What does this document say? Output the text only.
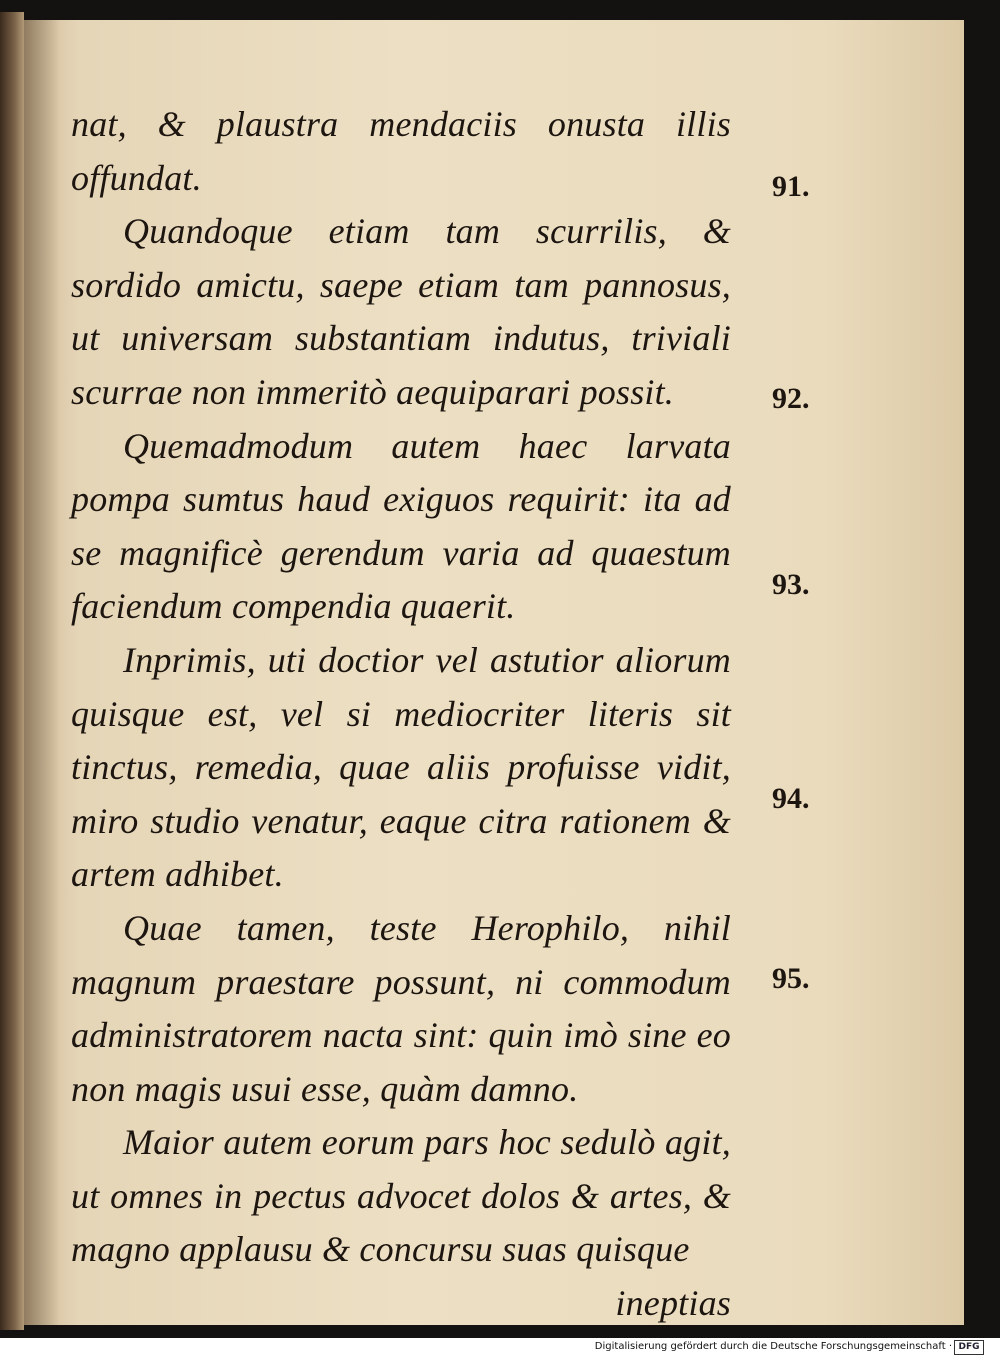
nat, & plaustra mendaciis onusta illis offundat.

Quandoque etiam tam scurrilis, & sordido amictu, saepe etiam tam pannosus, ut universam substantiam indutus, triviali scurrae non immeritò aequiparari possit.

Quemadmodum autem haec larvata pompa sumtus haud exiguos requirit: ita ad se magnificè gerendum varia ad quaestum faciendum compendia quaerit.

Inprimis, uti doctior vel astutior aliorum quisque est, vel si mediocriter literis sit tinctus, remedia, quae aliis profuisse vidit, miro studio venatur, eaque citra rationem & artem adhibet.

Quae tamen, teste Herophilo, nihil magnum praestare possunt, ni commodum administratorem nacta sint: quin imò sine eo non magis usui esse, quàm damno.

Maior autem eorum pars hoc sedulò agit, ut omnes in pectus advocet dolos & artes, & magno applausu & concursu suas quisque

ineptias

91.
92.
93.
94.
95.
Digitalisierung gefördert durch die Deutsche Forschungsgemeinschaft · DFG
